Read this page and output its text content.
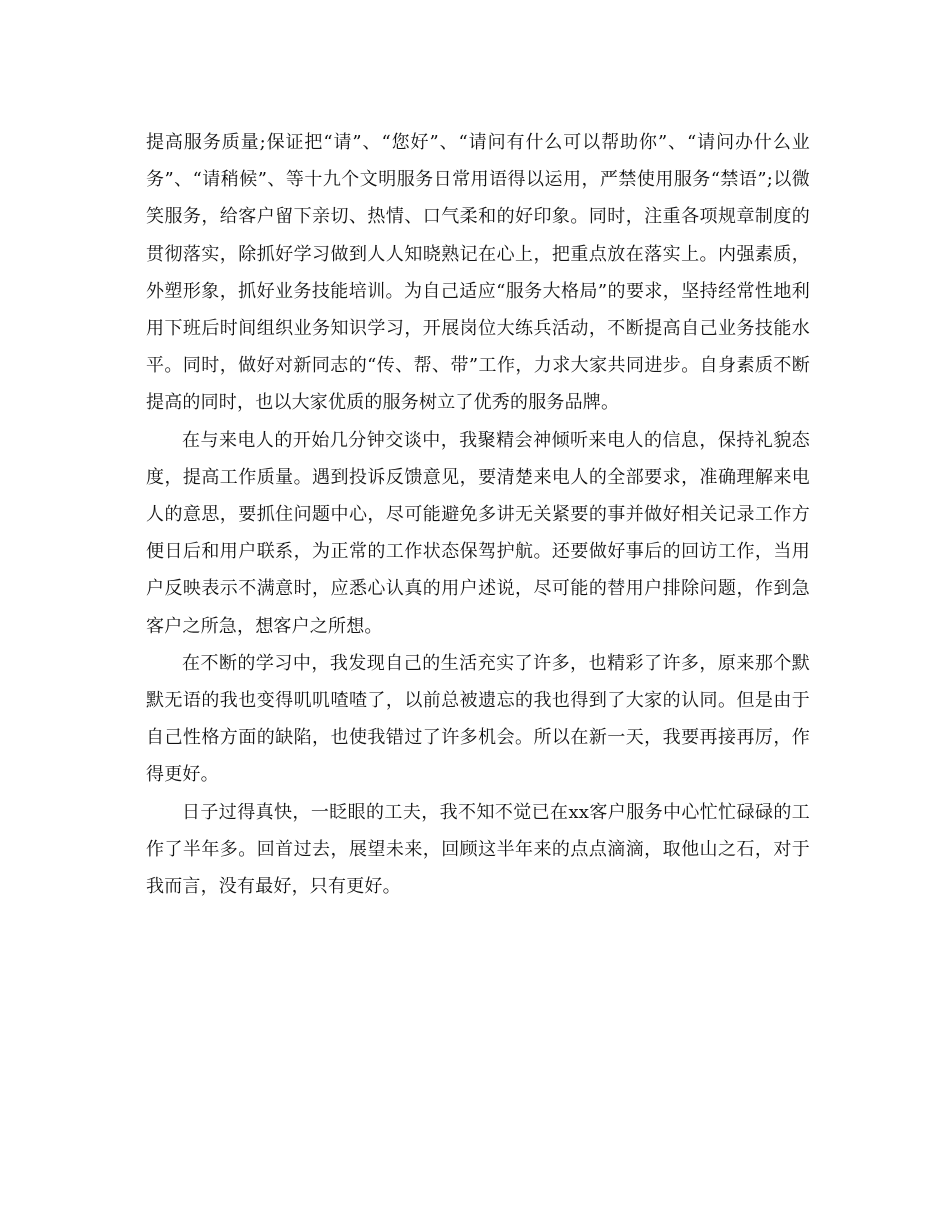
提高服务质量;保证把“请”、“您好”、“请问有什么可以帮助你”、“请问办什么业务”、“请稍候”、等十九个文明服务日常用语得以运用，严禁使用服务“禁语”;以微笑服务，给客户留下亲切、热情、口气柔和的好印象。同时，注重各项规章制度的贯彻落实，除抓好学习做到人人知晓熟记在心上，把重点放在落实上。内强素质，外塑形象，抓好业务技能培训。为自己适应“服务大格局”的要求，坚持经常性地利用下班后时间组织业务知识学习，开展岗位大练兵活动，不断提高自己业务技能水平。同时，做好对新同志的“传、帮、带”工作，力求大家共同进步。自身素质不断提高的同时，也以大家优质的服务树立了优秀的服务品牌。

在与来电人的开始几分钟交谈中，我聚精会神倾听来电人的信息，保持礼貌态度，提高工作质量。遇到投诉反馈意见，要清楚来电人的全部要求，准确理解来电人的意思，要抓住问题中心，尽可能避免多讲无关紧要的事并做好相关记录工作方便日后和用户联系，为正常的工作状态保驾护航。还要做好事后的回访工作，当用户反映表示不满意时，应悉心认真的用户述说，尽可能的替用户排除问题，作到急客户之所急，想客户之所想。

在不断的学习中，我发现自己的生活充实了许多，也精彩了许多，原来那个默默无语的我也变得叽叽喳喳了，以前总被遗忘的我也得到了大家的认同。但是由于自己性格方面的缺陷，也使我错过了许多机会。所以在新一天，我要再接再厉，作得更好。

日子过得真快，一眨眼的工夫，我不知不觉已在xx客户服务中心忙忙碌碌的工作了半年多。回首过去，展望未来，回顾这半年来的点点滴滴，取他山之石，对于我而言，没有最好，只有更好。
